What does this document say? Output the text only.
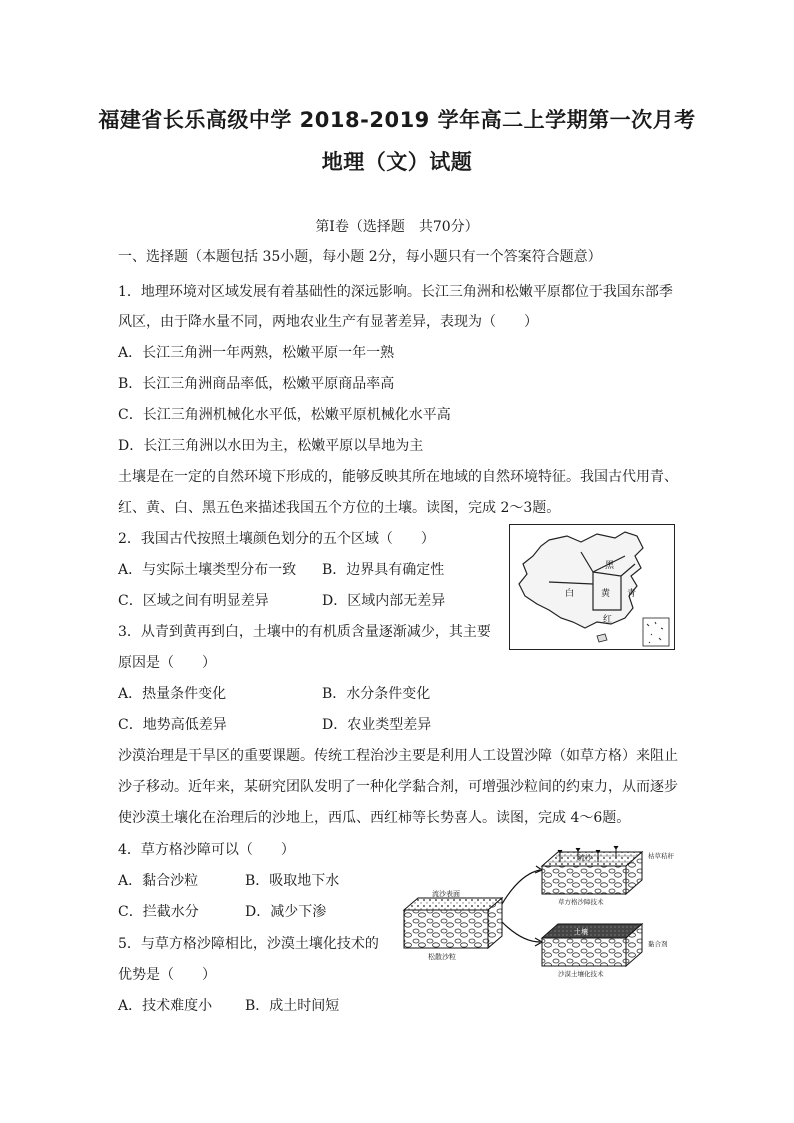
福建省长乐高级中学 2018-2019 学年高二上学期第一次月考
地理（文）试题
第Ⅰ卷（选择题　共70分）
一、选择题（本题包括 35小题，每小题 2分，每小题只有一个答案符合题意）
1．地理环境对区域发展有着基础性的深远影响。长江三角洲和松嫩平原都位于我国东部季
风区，由于降水量不同，两地农业生产有显著差异，表现为（　　）
A．长江三角洲一年两熟，松嫩平原一年一熟
B．长江三角洲商品率低，松嫩平原商品率高
C．长江三角洲机械化水平低，松嫩平原机械化水平高
D．长江三角洲以水田为主，松嫩平原以旱地为主
土壤是在一定的自然环境下形成的，能够反映其所在地域的自然环境特征。我国古代用青、
红、黄、白、黑五色来描述我国五个方位的土壤。读图，完成 2～3题。
2．我国古代按照土壤颜色划分的五个区域（　　）
A．与实际土壤类型分布一致 B．边界具有确定性
C．区域之间有明显差异	D．区域内部无差异
3．从青到黄再到白，土壤中的有机质含量逐渐减少，其主要
原因是（　　）
A．热量条件变化	B．水分条件变化
C．地势高低差异	D．农业类型差异
黑
白	黄 青
红
沙漠治理是干旱区的重要课题。传统工程治沙主要是利用人工设置沙障（如草方格）来阻止
沙子移动。近年来，某研究团队发明了一种化学黏合剂，可增强沙粒间的约束力，从而逐步
使沙漠土壤化在治理后的沙地上，西瓜、西红柿等长势喜人。读图，完成 4～6题。
4．草方格沙障可以（　　）
A．黏合沙粒	B．吸取地下水
C．拦截水分	D．减少下渗
5．与草方格沙障相比，沙漠土壤化技术的
优势是（　　）
A．技术难度小 B．成土时间短
流沙表面
松散沙粒
流沙	枯草秸秆
草方格沙障技术
土壤
黏合剂
沙漠土壤化技术
